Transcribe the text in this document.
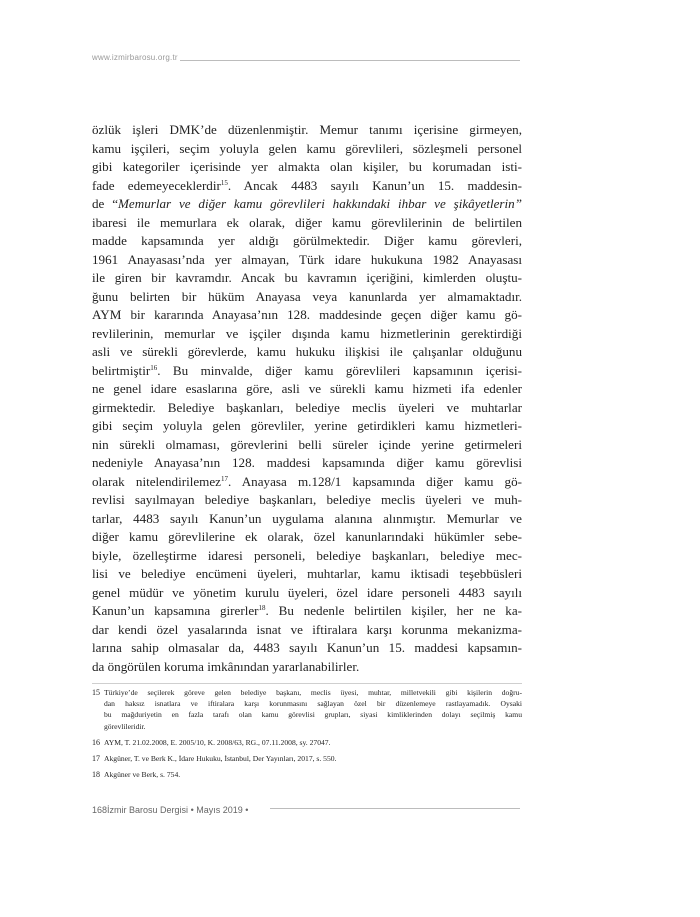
www.izmirbarosu.org.tr
özlük işleri DMK’de düzenlenmiştir. Memur tanımı içerisine girmeyen,
kamu işçileri, seçim yoluyla gelen kamu görevlileri, sözleşmeli personel
gibi kategoriler içerisinde yer almakta olan kişiler, bu korumadan isti-
fade edemeyeceklerdir$^{15}$. Ancak 4483 sayılı Kanun’un 15. maddesin-
de “Memurlar ve diğer kamu görevlileri hakkındaki ihbar ve şikâyetlerin”
ibaresi ile memurlara ek olarak, diğer kamu görevlilerinin de belirtilen
madde kapsamında yer aldığı görülmektedir. Diğer kamu görevleri,
1961 Anayasası’nda yer almayan, Türk idare hukukuna 1982 Anayasası
ile giren bir kavramdır. Ancak bu kavramın içeriğini, kimlerden oluştu-
ğunu belirten bir hüküm Anayasa veya kanunlarda yer almamaktadır.
AYM bir kararında Anayasa’nın 128. maddesinde geçen diğer kamu gö-
revlilerinin, memurlar ve işçiler dışında kamu hizmetlerinin gerektirdiği
asli ve sürekli görevlerde, kamu hukuku ilişkisi ile çalışanlar olduğunu
belirtmiştir$^{16}$. Bu minvalde, diğer kamu görevlileri kapsamının içerisi-
ne genel idare esaslarına göre, asli ve sürekli kamu hizmeti ifa edenler
girmektedir. Belediye başkanları, belediye meclis üyeleri ve muhtarlar
gibi seçim yoluyla gelen görevliler, yerine getirdikleri kamu hizmetleri-
nin sürekli olmaması, görevlerini belli süreler içinde yerine getirmeleri
nedeniyle Anayasa’nın 128. maddesi kapsamında diğer kamu görevlisi
olarak nitelendirilemez$^{17}$. Anayasa m.128/1 kapsamında diğer kamu gö-
revlisi sayılmayan belediye başkanları, belediye meclis üyeleri ve muh-
tarlar, 4483 sayılı Kanun’un uygulama alanına alınmıştır. Memurlar ve
diğer kamu görevlilerine ek olarak, özel kanunlarındaki hükümler sebe-
biyle, özelleştirme idaresi personeli, belediye başkanları, belediye mec-
lisi ve belediye encümeni üyeleri, muhtarlar, kamu iktisadi teşebbüsleri
genel müdür ve yönetim kurulu üyeleri, özel idare personeli 4483 sayılı
Kanun’un kapsamına girerler$^{18}$. Bu nedenle belirtilen kişiler, her ne ka-
dar kendi özel yasalarında isnat ve iftiralara karşı korunma mekanizma-
larına sahip olmasalar da, 4483 sayılı Kanun’un 15. maddesi kapsamın-
da öngörülen koruma imkânından yararlanabilirler.
15 Türkiye’de seçilerek göreve gelen belediye başkanı, meclis üyesi, muhtar, milletvekili gibi kişilerin doğru-
dan haksız isnatlara ve iftiralara karşı korunmasını sağlayan özel bir düzenlemeye rastlayamadık. Oysaki
bu mağduriyetin en fazla tarafı olan kamu görevlisi grupları, siyasi kimliklerinden dolayı seçilmiş kamu
görevlileridir.
16 AYM, T. 21.02.2008, E. 2005/10, K. 2008/63, RG., 07.11.2008, sy. 27047.
17 Akgüner, T. ve Berk K., İdare Hukuku, İstanbul, Der Yayınları, 2017, s. 550.
18 Akgüner ve Berk, s. 754.
168İzmir Barosu Dergisi • Mayıs 2019 •
